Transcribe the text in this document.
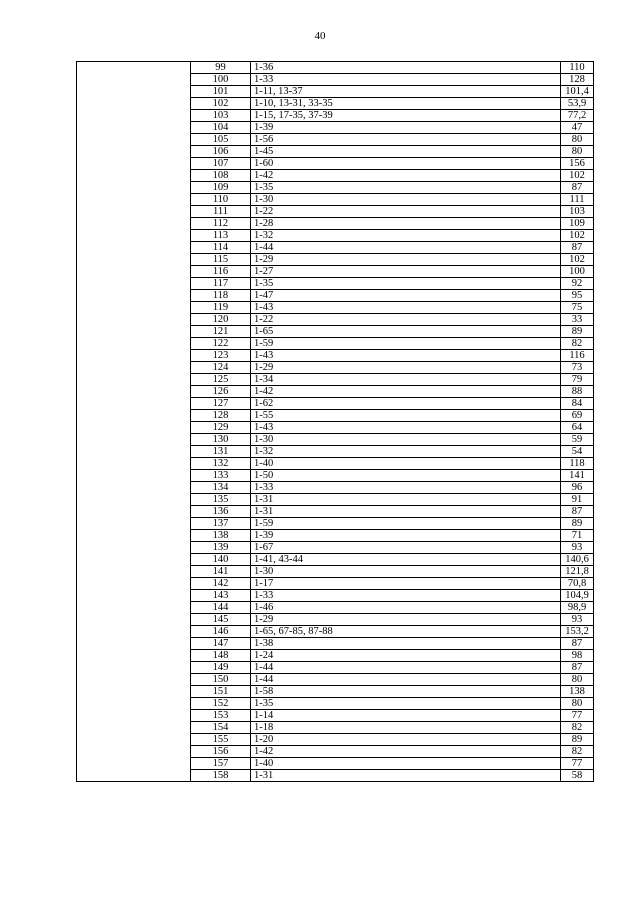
40
	99	1-36	110
	100	1-33	128
	101	1-11, 13-37	101,4
	102	1-10, 13-31, 33-35	53,9
	103	1-15, 17-35, 37-39	77,2
	104	1-39	47
	105	1-56	80
	106	1-45	80
	107	1-60	156
	108	1-42	102
	109	1-35	87
	110	1-30	111
	111	1-22	103
	112	1-28	109
	113	1-32	102
	114	1-44	87
	115	1-29	102
	116	1-27	100
	117	1-35	92
	118	1-47	95
	119	1-43	75
	120	1-22	33
	121	1-65	89
	122	1-59	82
	123	1-43	116
	124	1-29	73
	125	1-34	79
	126	1-42	88
	127	1-62	84
	128	1-55	69
	129	1-43	64
	130	1-30	59
	131	1-32	54
	132	1-40	118
	133	1-50	141
	134	1-33	96
	135	1-31	91
	136	1-31	87
	137	1-59	89
	138	1-39	71
	139	1-67	93
	140	1-41, 43-44	140,6
	141	1-30	121,8
	142	1-17	70,8
	143	1-33	104,9
	144	1-46	98,9
	145	1-29	93
	146	1-65, 67-85, 87-88	153,2
	147	1-38	87
	148	1-24	98
	149	1-44	87
	150	1-44	80
	151	1-58	138
	152	1-35	80
	153	1-14	77
	154	1-18	82
	155	1-20	89
	156	1-42	82
	157	1-40	77
	158	1-31	58
